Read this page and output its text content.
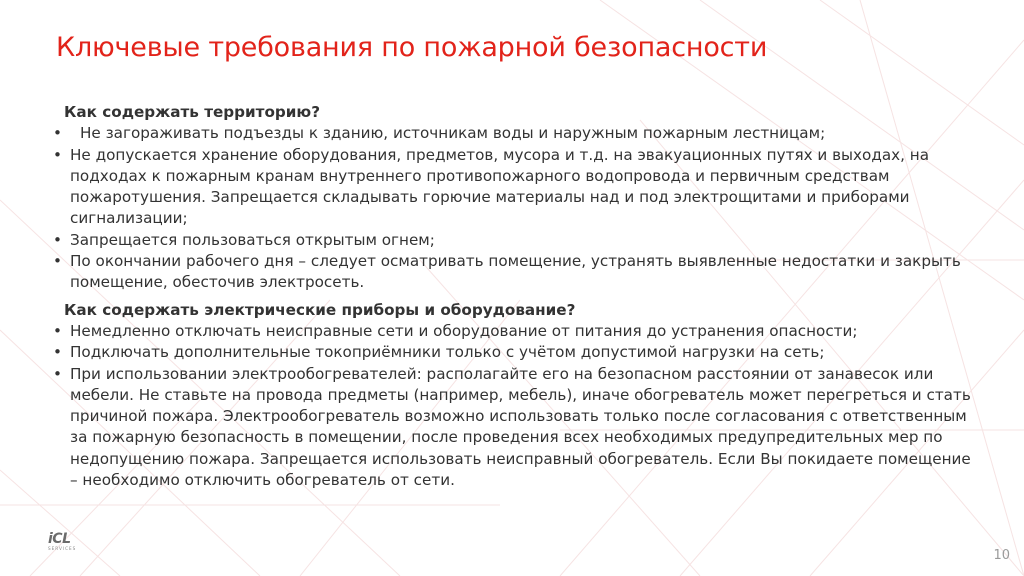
Ключевые требования по пожарной безопасности

Как содержать территорию?

• Не загораживать подъезды к зданию, источникам воды и наружным пожарным лестницам;
• Не допускается хранение оборудования, предметов, мусора и т.д. на эвакуационных путях и выходах, на подходах к пожарным кранам внутреннего противопожарного водопровода и первичным средствам пожаротушения. Запрещается складывать горючие материалы над и под электрощитами и приборами сигнализации;
• Запрещается пользоваться открытым огнем;
• По окончании рабочего дня – следует осматривать помещение, устранять выявленные недостатки и закрыть помещение, обесточив электросеть.

Как содержать электрические приборы и оборудование?

• Немедленно отключать неисправные сети и оборудование от питания до устранения опасности;
• Подключать дополнительные токоприёмники только с учётом допустимой нагрузки на сеть;
• При использовании электрообогревателей: располагайте его на безопасном расстоянии от занавесок или мебели. Не ставьте на провода предметы (например, мебель), иначе обогреватель может перегреться и стать причиной пожара. Электрообогреватель возможно использовать только после согласования с ответственным за пожарную безопасность в помещении, после проведения всех необходимых предупредительных мер по недопущению пожара. Запрещается использовать неисправный обогреватель. Если Вы покидаете помещение – необходимо отключить обогреватель от сети.
iCL
SERVICES	10
